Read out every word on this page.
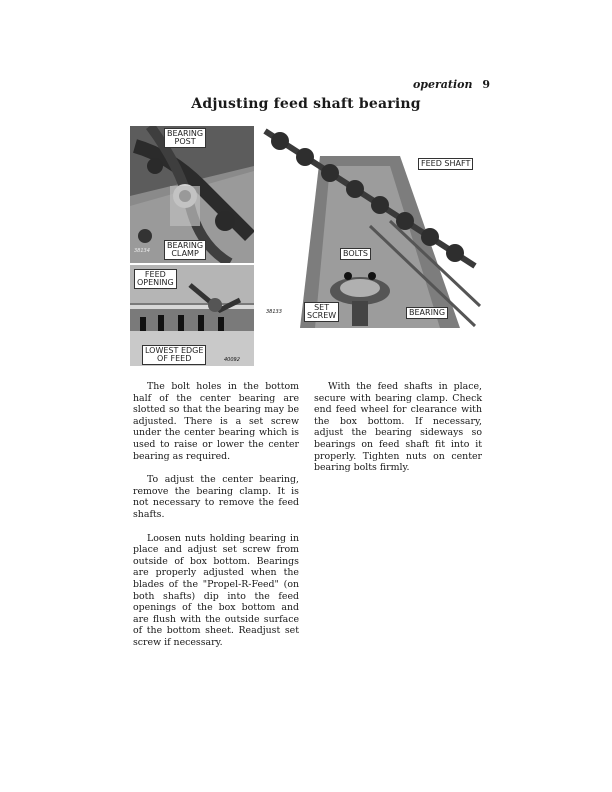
operation 9
Adjusting feed shaft bearing
BEARING
POST
BEARING
CLAMP
38134
FEED
OPENING
LOWEST EDGE
OF FEED	40092
FEED SHAFT
BOLTS
SET
SCREW	BEARING
38133

The bolt holes in the bottom half of the center bearing are slotted so that the bearing may be adjusted. There is a set screw under the center bearing which is used to raise or lower the center bearing as required.

To adjust the center bearing, remove the bearing clamp. It is not necessary to remove the feed shafts.

Loosen nuts holding bearing in place and adjust set screw from outside of box bottom. Bearings are properly adjusted when the blades of the "Propel-R-Feed" (on both shafts) dip into the feed openings of the box bottom and are flush with the outside surface of the bottom sheet. Readjust set screw if necessary.

With the feed shafts in place, secure with bearing clamp. Check end feed wheel for clearance with the box bottom. If necessary, adjust the bearing sideways so bearings on feed shaft fit into it properly. Tighten nuts on center bearing bolts firmly.
